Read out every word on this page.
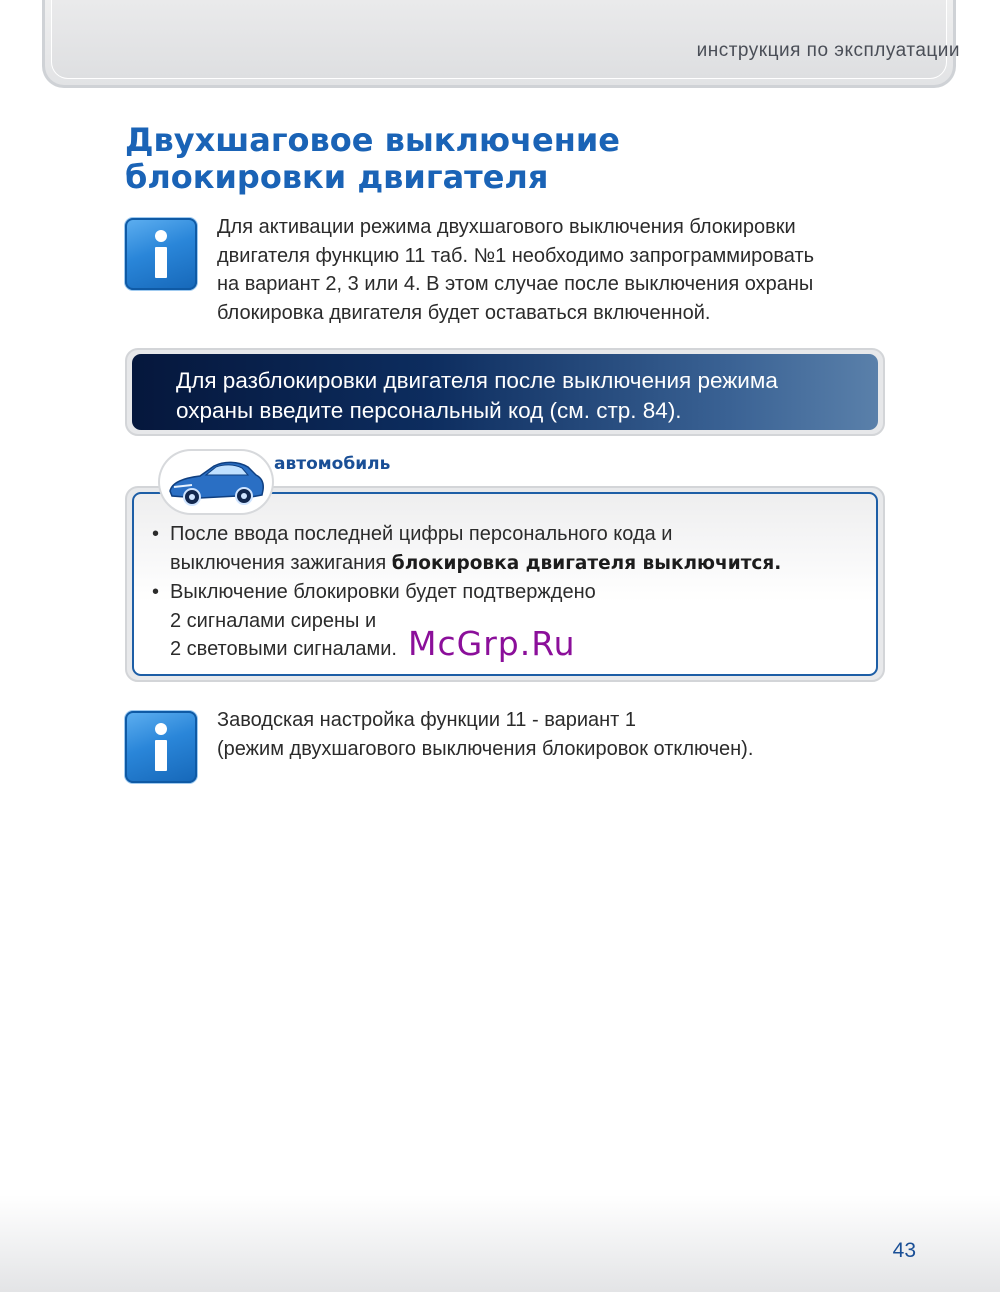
инструкция по эксплуатации
Двухшаговое выключение
блокировки двигателя
Для активации режима двухшагового выключения блокировки
двигателя функцию 11 таб. №1 необходимо запрограммировать
на вариант 2, 3 или 4. В этом случае после выключения охраны
блокировка двигателя будет оставаться включенной.
Для разблокировки двигателя после выключения режима
охраны введите персональный код (см. стр. 84).
автомобиль
• После ввода последней цифры персонального кода и
выключения зажигания блокировка двигателя выключится.
• Выключение блокировки будет подтверждено
2 сигналами сирены и
2 световыми сигналами. McGrp.Ru
Заводская настройка функции 11 - вариант 1
(режим двухшагового выключения блокировок отключен).
43
